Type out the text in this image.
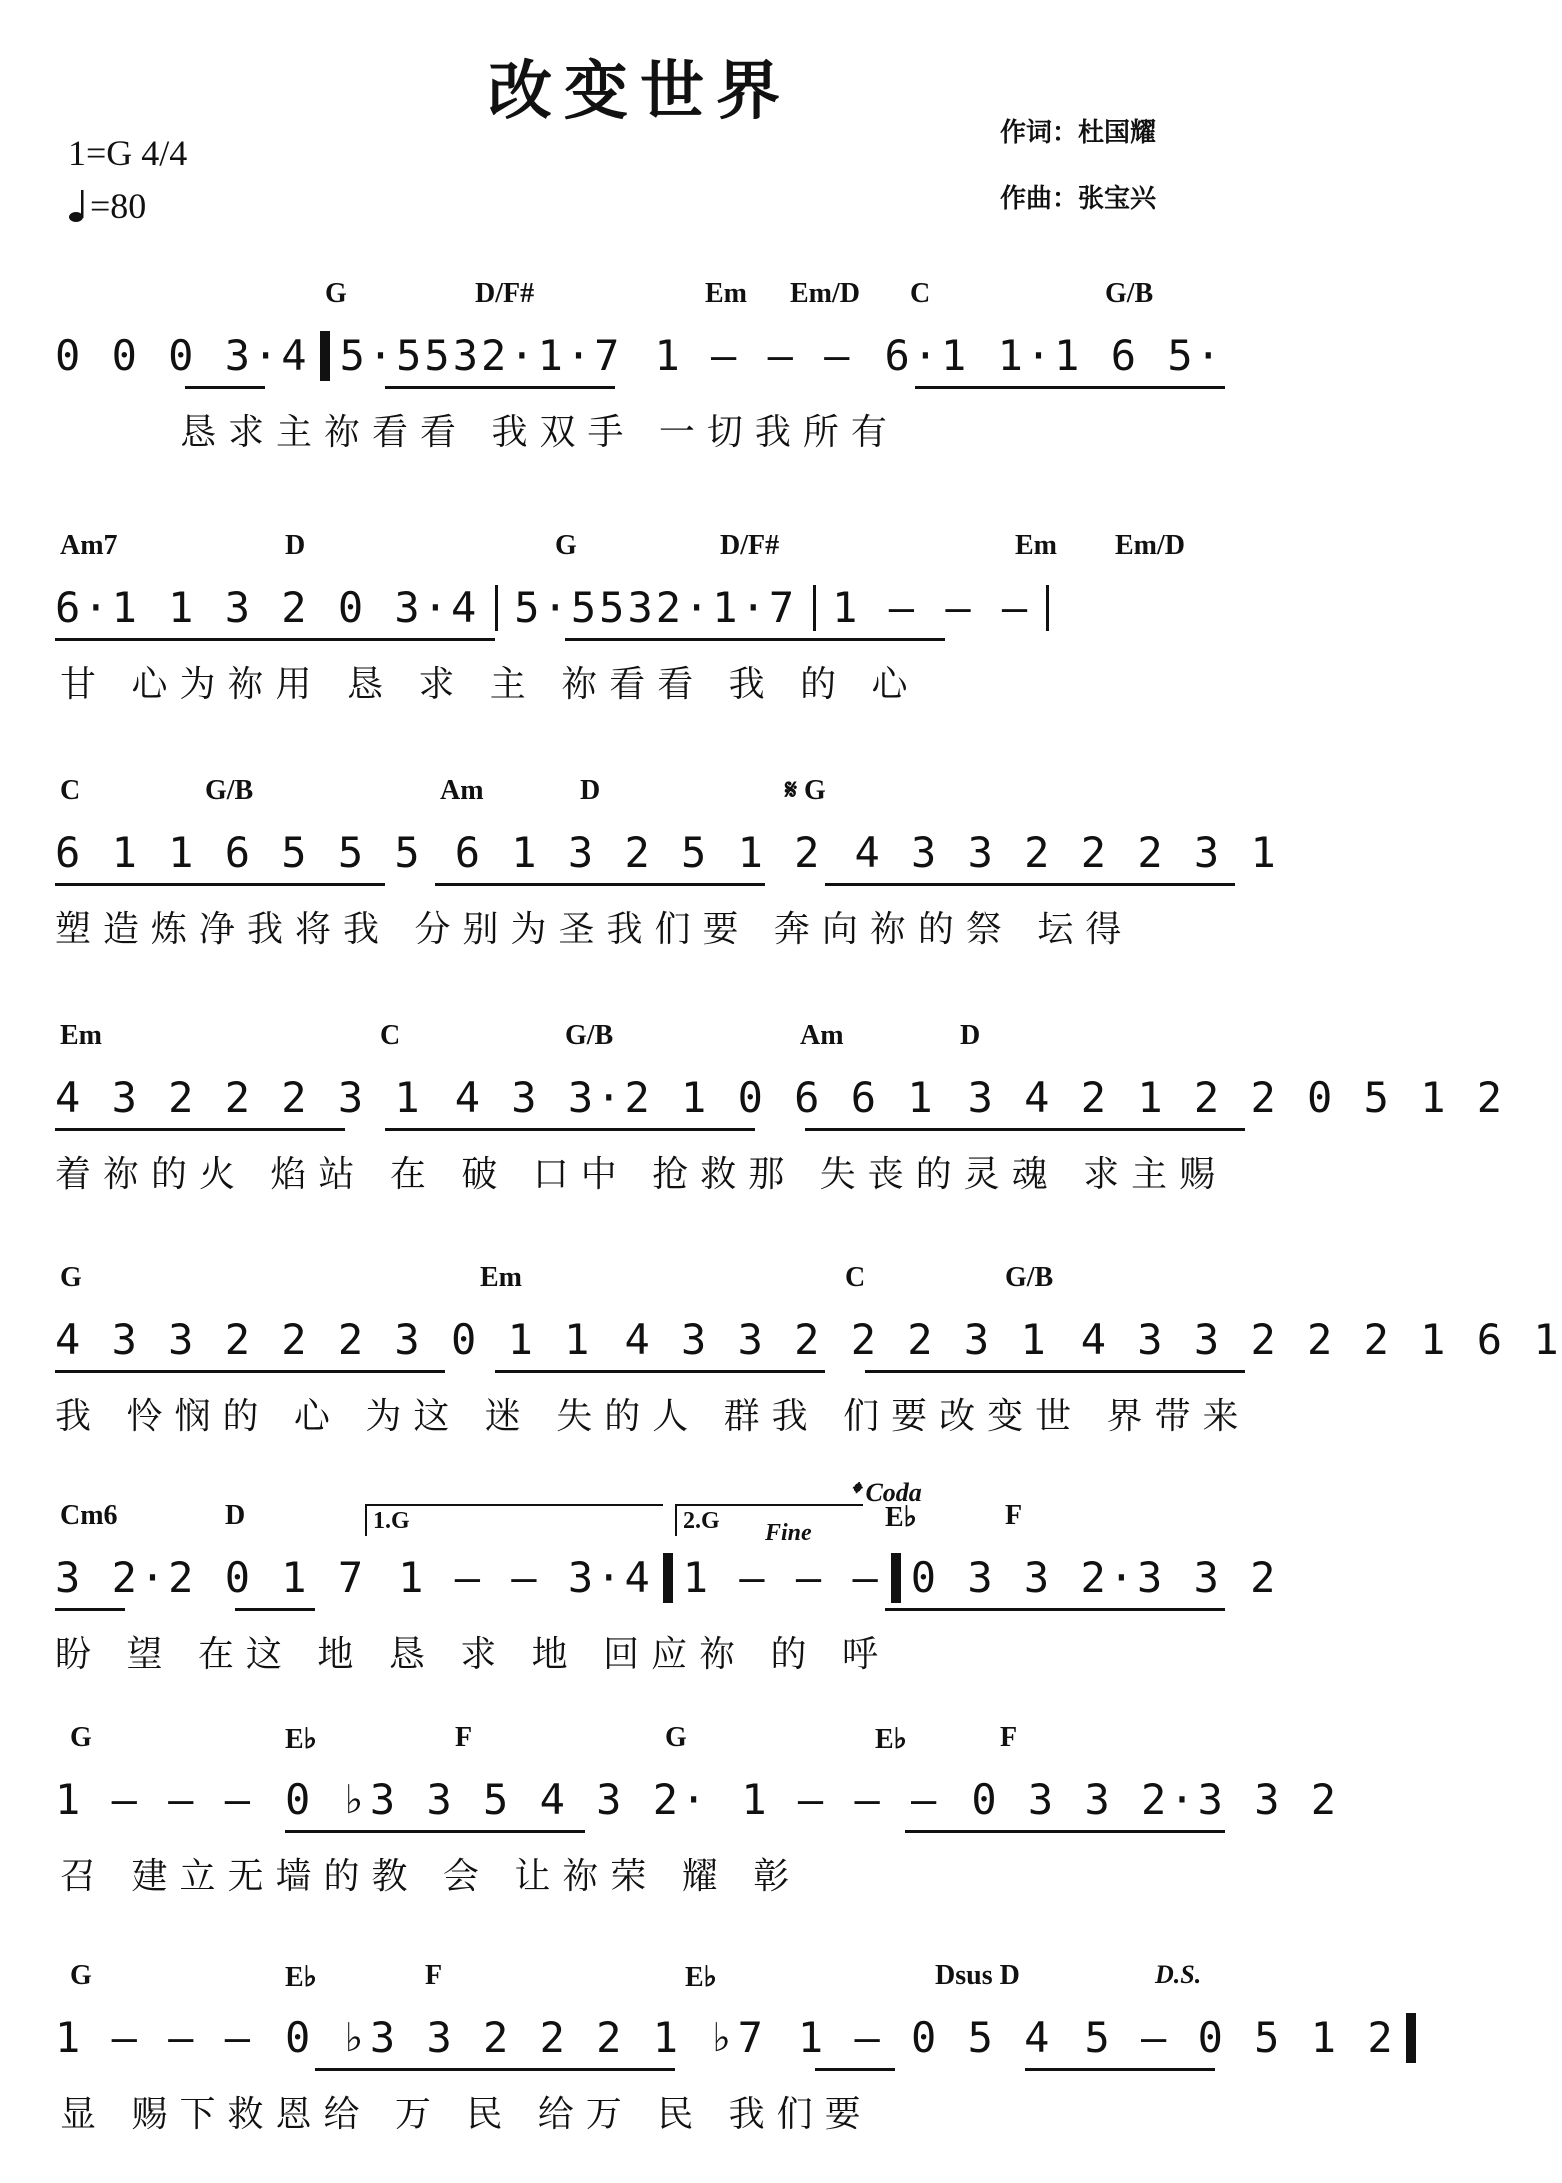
改变世界
1=G 4/4
=80
作词：杜国耀
作曲：张宝兴
G	D/F#	Em Em/D C	G/B
0 0 0 3·4 5·5532·1·7 1 – – – 6·1 1·1 6 5·
恳求主祢看看 我双手 一切我所有
Am7	D	G	D/F#	Em Em/D
6·1 1 3 2 0 3·4 5·5532·1·7 1 – – –
甘 心为祢用 恳 求 主 祢看看 我 的 心
C	G/B	Am	D	𝄋 G
6 1 1 6 5 5 5 6 1 3 2 5 1 2 4 3 3 2 2 2 3 1
塑造炼净我将我 分别为圣我们要 奔向祢的祭 坛得
Em	C	G/B	Am	D
4 3 2 2 2 3 1 4 3 3·2 1 0 6 6 1 3 4 2 1 2 2 0 5 1 2
着祢的火 焰站 在 破 口中 抢救那 失丧的灵魂 求主赐
G	Em	C	G/B
4 3 3 2 2 2 3 0 1 1 4 3 3 2 2 2 3 1 4 3 3 2 2 2 1 6 1
我 怜悯的 心 为这 迷 失的人 群我 们要改变世 界带来
𝄌 Coda
Cm6	D	E♭	F
1.G	2.G	Fine
3 2·2 0 1 7 1 – – 3·4 1 – – – 0 3 3 2·3 3 2
盼 望 在这 地 恳 求 地 回应祢 的 呼
G	E♭	F	G	E♭	F
1 – – – 0 ♭3 3 5 4 3 2· 1 – – – 0 3 3 2·3 3 2
召 建立无墙的教 会 让祢荣 耀 彰
D.S.
G	E♭	F	E♭	Dsus D
1 – – – 0 ♭3 3 2 2 2 1 ♭7 1 – 0 5 4 5 – 0 5 1 2
显 赐下救恩给 万 民 给万 民 我们要
